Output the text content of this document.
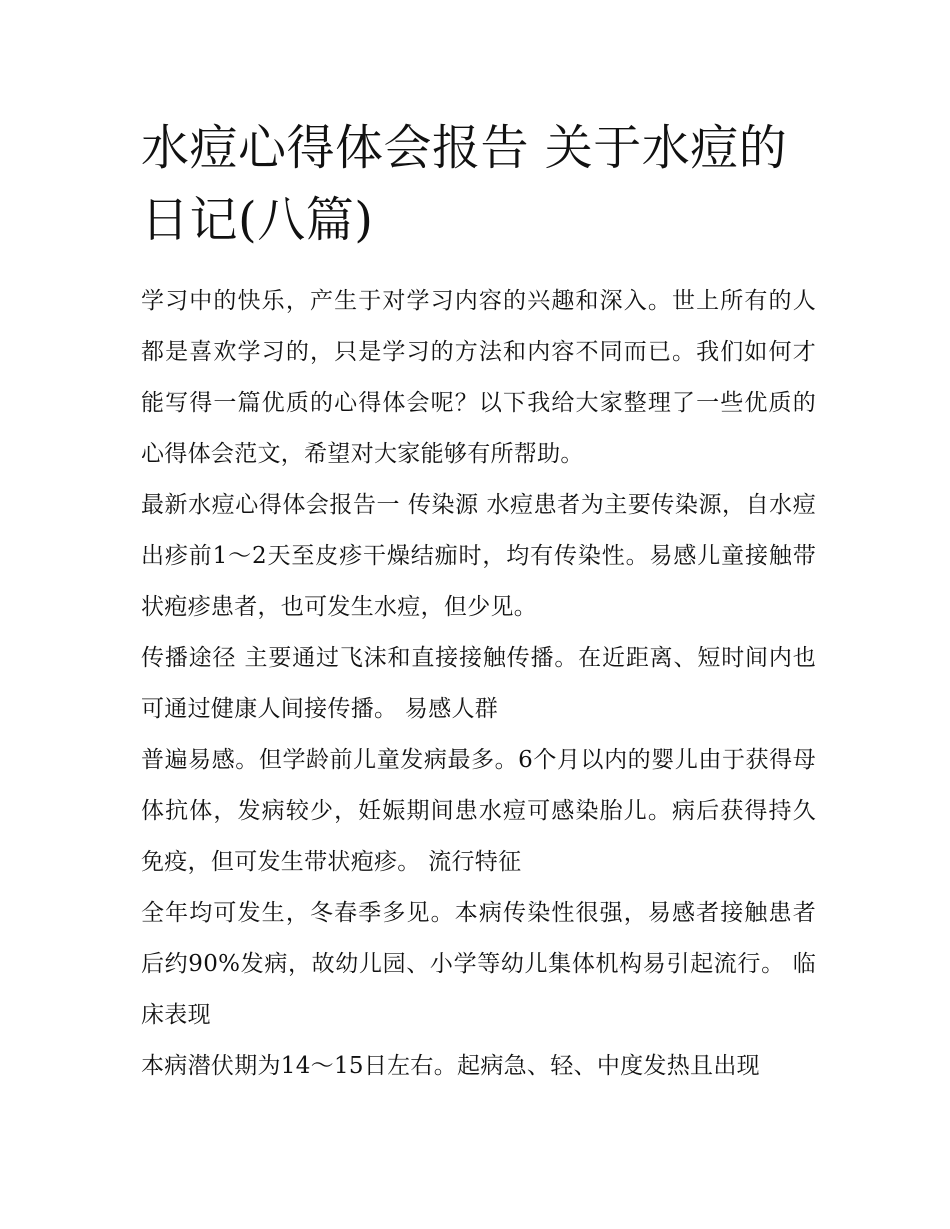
水痘心得体会报告 关于水痘的日记(八篇)

学习中的快乐，产生于对学习内容的兴趣和深入。世上所有的人都是喜欢学习的，只是学习的方法和内容不同而已。我们如何才能写得一篇优质的心得体会呢？以下我给大家整理了一些优质的心得体会范文，希望对大家能够有所帮助。

最新水痘心得体会报告一 传染源 水痘患者为主要传染源，自水痘出疹前1～2天至皮疹干燥结痂时，均有传染性。易感儿童接触带状疱疹患者，也可发生水痘，但少见。

传播途径 主要通过飞沫和直接接触传播。在近距离、短时间内也可通过健康人间接传播。 易感人群

普遍易感。但学龄前儿童发病最多。6个月以内的婴儿由于获得母体抗体，发病较少，妊娠期间患水痘可感染胎儿。病后获得持久免疫，但可发生带状疱疹。 流行特征

全年均可发生，冬春季多见。本病传染性很强，易感者接触患者后约90%发病，故幼儿园、小学等幼儿集体机构易引起流行。 临床表现

本病潜伏期为14～15日左右。起病急、轻、中度发热且出现
